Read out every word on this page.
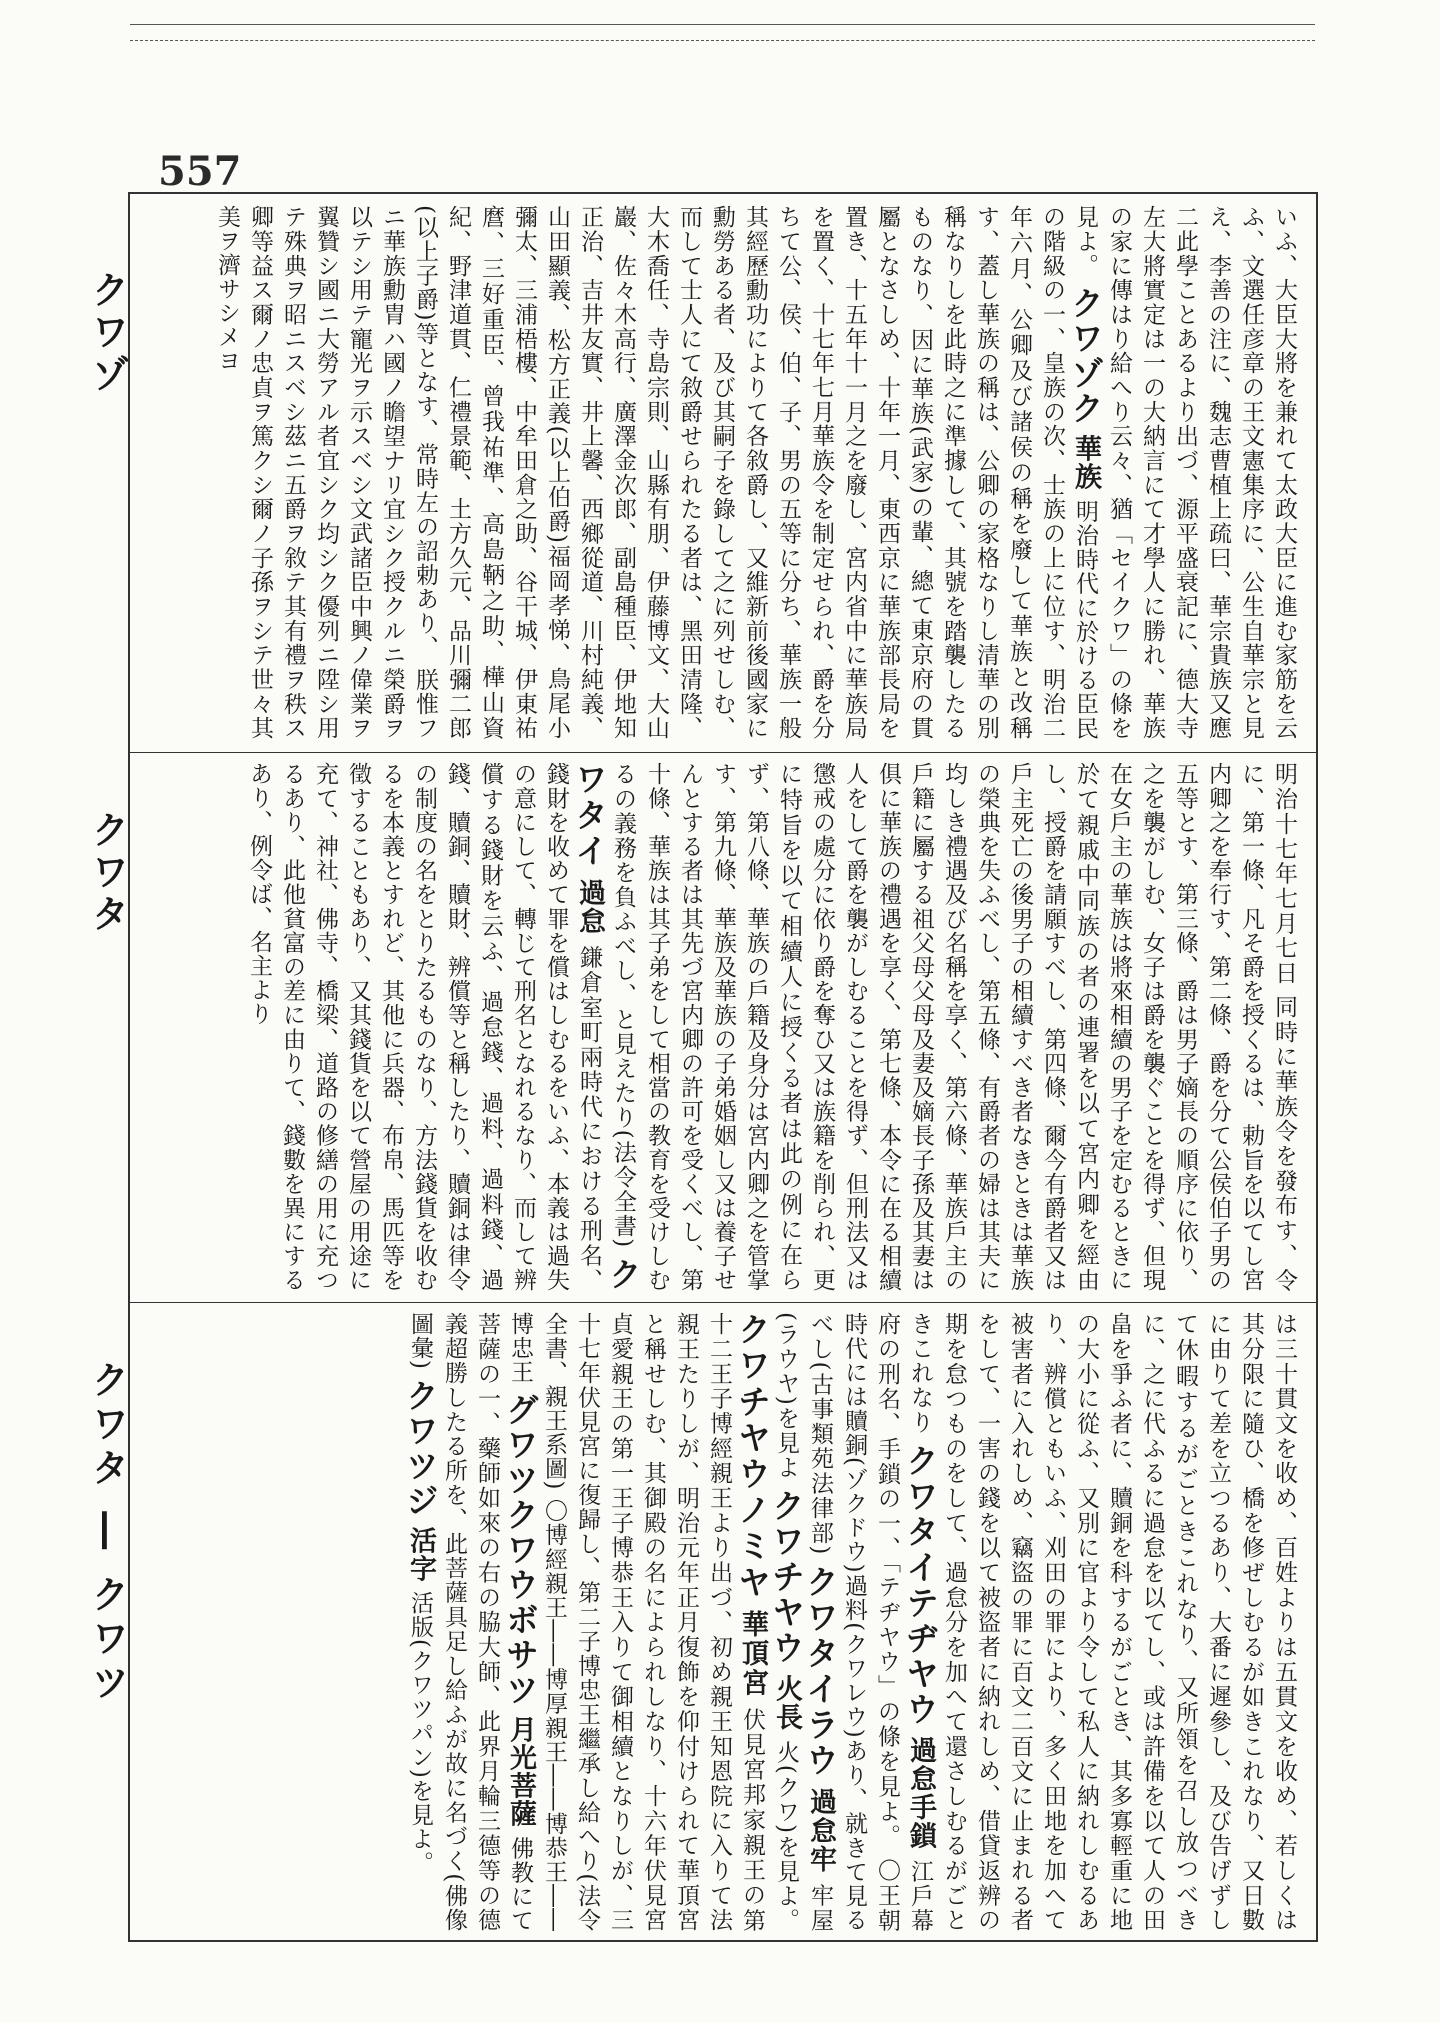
557
クワゾ
クワタ
クワタ ― クワツ
いふ、大臣大將を兼れて太政大臣に進む家筋を云ふ、文選任彦章の王文憲集序に、公生自華宗と見え、李善の注に、魏志曹植上疏曰、華宗貴族又應二此學ことあるより出づ、源平盛衰記に、德大寺左大將實定は一の大納言にて才學人に勝れ、華族の家に傳はり給へり云々、猶「セイクワ」の條を見よ。 クワゾク 華族 明治時代に於ける臣民の階級の一、皇族の次、士族の上に位す、明治二年六月、公卿及び諸侯の稱を廢して華族と改稱す、蓋し華族の稱は、公卿の家格なりし清華の別稱なりしを此時之に準據して、其號を踏襲したるものなり、因に華族(武家)の輩、總て東京府の貫屬となさしめ、十年一月、東西京に華族部長局を置き、十五年十一月之を廢し、宮内省中に華族局を置く、十七年七月華族令を制定せられ、爵を分ちて公、侯、伯、子、男の五等に分ち、華族一般其經歷勳功によりて各敘爵し、又維新前後國家に勳勞ある者、及び其嗣子を錄して之に列せしむ、而して士人にて敘爵せられたる者は、黑田清隆、大木喬任、寺島宗則、山縣有朋、伊藤博文、大山巖、佐々木高行、廣澤金次郎、副島種臣、伊地知正治、吉井友實、井上馨、西鄉從道、川村純義、山田顯義、松方正義(以上伯爵)福岡孝悌、鳥尾小彌太、三浦梧樓、中牟田倉之助、谷干城、伊東祐麿、三好重臣、曾我祐準、高島鞆之助、樺山資紀、野津道貫、仁禮景範、土方久元、品川彌二郎(以上子爵)等となす、常時左の詔勅あり、 朕惟フニ華族勳胄ハ國ノ瞻望ナリ宜シク授クルニ榮爵ヲ以テシ用テ寵光ヲ示スベシ文武諸臣中興ノ偉業ヲ翼贊シ國ニ大勞アル者宜シク均シク優列ニ陞シ用テ殊典ヲ昭ニスベシ茲ニ五爵ヲ敘テ其有禮ヲ秩ス卿等益ス爾ノ忠貞ヲ篤クシ爾ノ子孫ヲシテ世々其美ヲ濟サシメヨ
明治十七年七月七日 同時に華族令を發布す、令に、第一條、凡そ爵を授くるは、勅旨を以てし宮内卿之を奉行す、第二條、爵を分て公侯伯子男の五等とす、第三條、爵は男子嫡長の順序に依り、之を襲がしむ、女子は爵を襲ぐことを得ず、但現在女戶主の華族は將來相續の男子を定むるときに於て親戚中同族の者の連署を以て宮内卿を經由し、授爵を請願すべし、第四條、爾今有爵者又は戶主死亡の後男子の相續すべき者なきときは華族の榮典を失ふべし、第五條、有爵者の婦は其夫に均しき禮遇及び名稱を享く、第六條、華族戶主の戶籍に屬する祖父母父母及妻及嫡長子孫及其妻は俱に華族の禮遇を享く、第七條、本令に在る相續人をして爵を襲がしむることを得ず、但刑法又は懲戒の處分に依り爵を奪ひ又は族籍を削られ、更に特旨を以て相續人に授くる者は此の例に在らず、第八條、華族の戶籍及身分は宮内卿之を管掌す、第九條、華族及華族の子弟婚姻し又は養子せんとする者は其先づ宮内卿の許可を受くべし、第十條、華族は其子弟をして相當の教育を受けしむるの義務を負ふべし、と見えたり(法令全書) クワタイ 過怠 鎌倉室町兩時代における刑名、錢財を收めて罪を償はしむるをいふ、本義は過失の意にして、轉じて刑名となれるなり、而して辨償する錢財を云ふ、過怠錢、過料、過料錢、過錢、贖銅、贖財、辨償等と稱したり、贖銅は律令の制度の名をとりたるものなり、方法錢貨を收むるを本義とすれど、其他に兵器、布帛、馬匹等を徵することもあり、又其錢貨を以て營屋の用途に充て、神社、佛寺、橋梁、道路の修繕の用に充つるあり、此他貧富の差に由りて、錢數を異にするあり、例令ば、名主より
は三十貫文を收め、百姓よりは五貫文を收め、若しくは其分限に隨ひ、橋を修ぜしむるが如きこれなり、又日數に由りて差を立つるあり、大番に遲參し、及び告げずして休暇するがごときこれなり、又所領を召し放つべきに、之に代ふるに過怠を以てし、或は許備を以て人の田畠を爭ふ者に、贖銅を科するがごとき、其多寡輕重に地の大小に從ふ、又別に官より令して私人に納れしむるあり、辨償ともいふ、刈田の罪により、多く田地を加へて被害者に入れしめ、竊盜の罪に百文二百文に止まれる者をして、一害の錢を以て被盜者に納れしめ、借貸返辨の期を怠つものをして、過怠分を加へて還さしむるがごときこれなり クワタイテヂヤウ 過怠手鎖 江戶幕府の刑名、手鎖の一、「テヂヤウ」の條を見よ。 〇王朝時代には贖銅(ゾクドウ)過料(クワレウ)あり、就きて見るべし(古事類苑法律部) クワタイラウ 過怠牢 牢屋(ラウヤ)を見よ クワチヤウ 火長 火(クワ)を見よ。 クワチヤウノミヤ 華頂宮 伏見宮邦家親王の第十二王子博經親王より出づ、初め親王知恩院に入りて法親王たりしが、明治元年正月復飾を仰付けられて華頂宮と稱せしむ、其御殿の名によられしなり、十六年伏見宮貞愛親王の第一王子博恭王入りて御相續となりしが、三十七年伏見宮に復歸し、第二子博忠王繼承し給へり(法令全書、親王系圖) 〇博經親王――博厚親王――博恭王――博忠王 グワツクワウボサツ 月光菩薩 佛教にて菩薩の一、藥師如來の右の脇大師、此界月輪三德等の德義超勝したる所を、此菩薩具足し給ふが故に名づく(佛像圖彙) クワツジ 活字 活版(クワツパン)を見よ。
